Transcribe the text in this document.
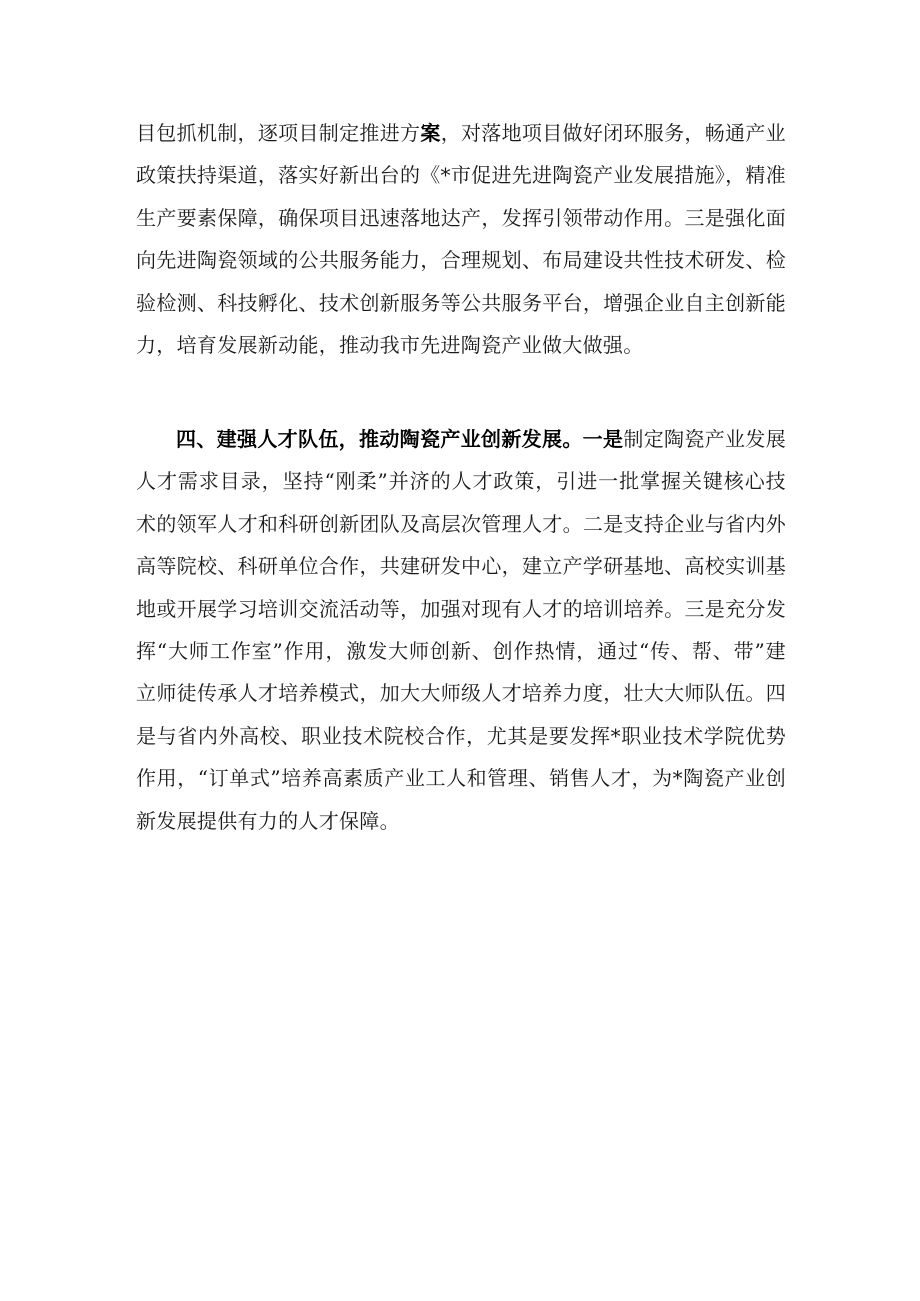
目包抓机制，逐项目制定推进方案，对落地项目做好闭环服务，畅通产业政策扶持渠道，落实好新出台的《*市促进先进陶瓷产业发展措施》，精准生产要素保障，确保项目迅速落地达产，发挥引领带动作用。三是强化面向先进陶瓷领域的公共服务能力，合理规划、布局建设共性技术研发、检验检测、科技孵化、技术创新服务等公共服务平台，增强企业自主创新能力，培育发展新动能，推动我市先进陶瓷产业做大做强。

四、建强人才队伍，推动陶瓷产业创新发展。一是制定陶瓷产业发展人才需求目录，坚持“刚柔”并济的人才政策，引进一批掌握关键核心技术的领军人才和科研创新团队及高层次管理人才。二是支持企业与省内外高等院校、科研单位合作，共建研发中心，建立产学研基地、高校实训基地或开展学习培训交流活动等，加强对现有人才的培训培养。三是充分发挥“大师工作室”作用，激发大师创新、创作热情，通过“传、帮、带”建立师徒传承人才培养模式，加大大师级人才培养力度，壮大大师队伍。四是与省内外高校、职业技术院校合作，尤其是要发挥*职业技术学院优势作用，“订单式”培养高素质产业工人和管理、销售人才，为*陶瓷产业创新发展提供有力的人才保障。
